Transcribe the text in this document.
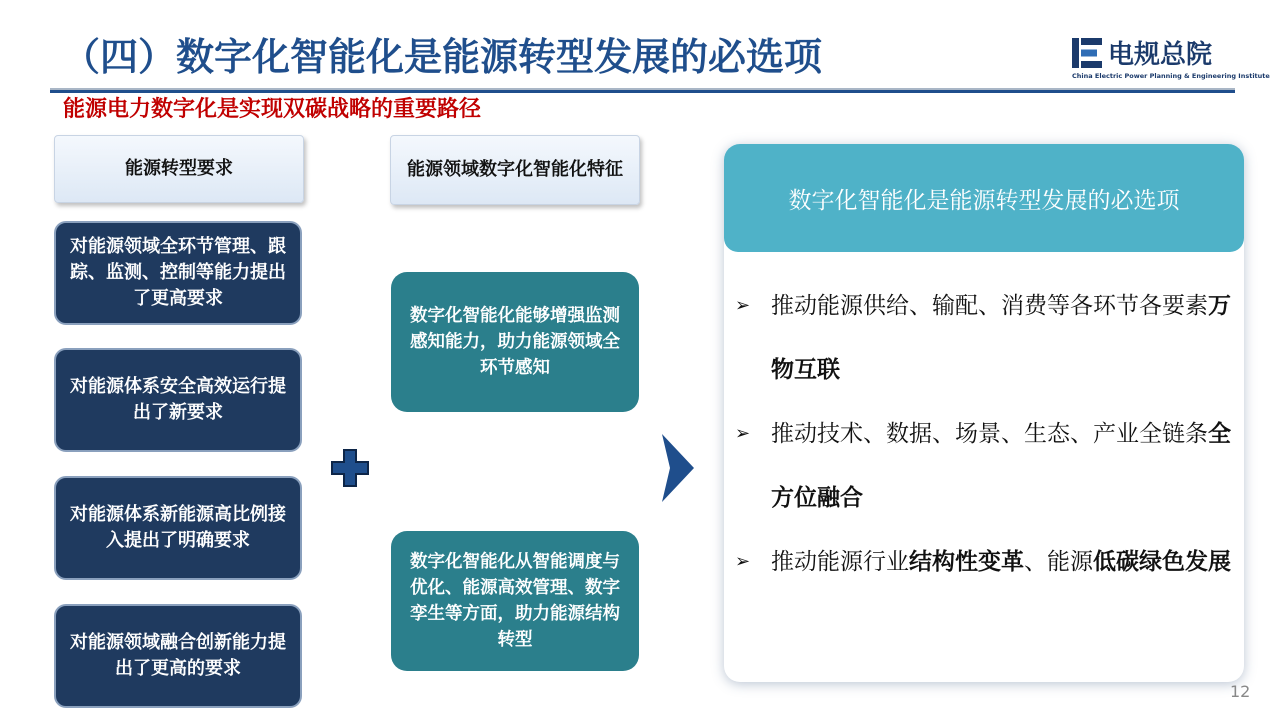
（四）数字化智能化是能源转型发展的必选项	电规总院
China Electric Power Planning & Engineering Institute
能源电力数字化是实现双碳战略的重要路径
能源转型要求
对能源领域全环节管理、跟踪、监测、控制等能力提出了更高要求
对能源体系安全高效运行提出了新要求
对能源体系新能源高比例接入提出了明确要求
对能源领域融合创新能力提出了更高的要求
能源领域数字化智能化特征
数字化智能化能够增强监测感知能力，助力能源领域全环节感知
数字化智能化从智能调度与优化、能源高效管理、数字孪生等方面，助力能源结构转型
数字化智能化是能源转型发展的必选项
➢ 推动能源供给、输配、消费等各环节各要素万物互联
➢ 推动技术、数据、场景、生态、产业全链条全方位融合
➢ 推动能源行业结构性变革、能源低碳绿色发展
12
